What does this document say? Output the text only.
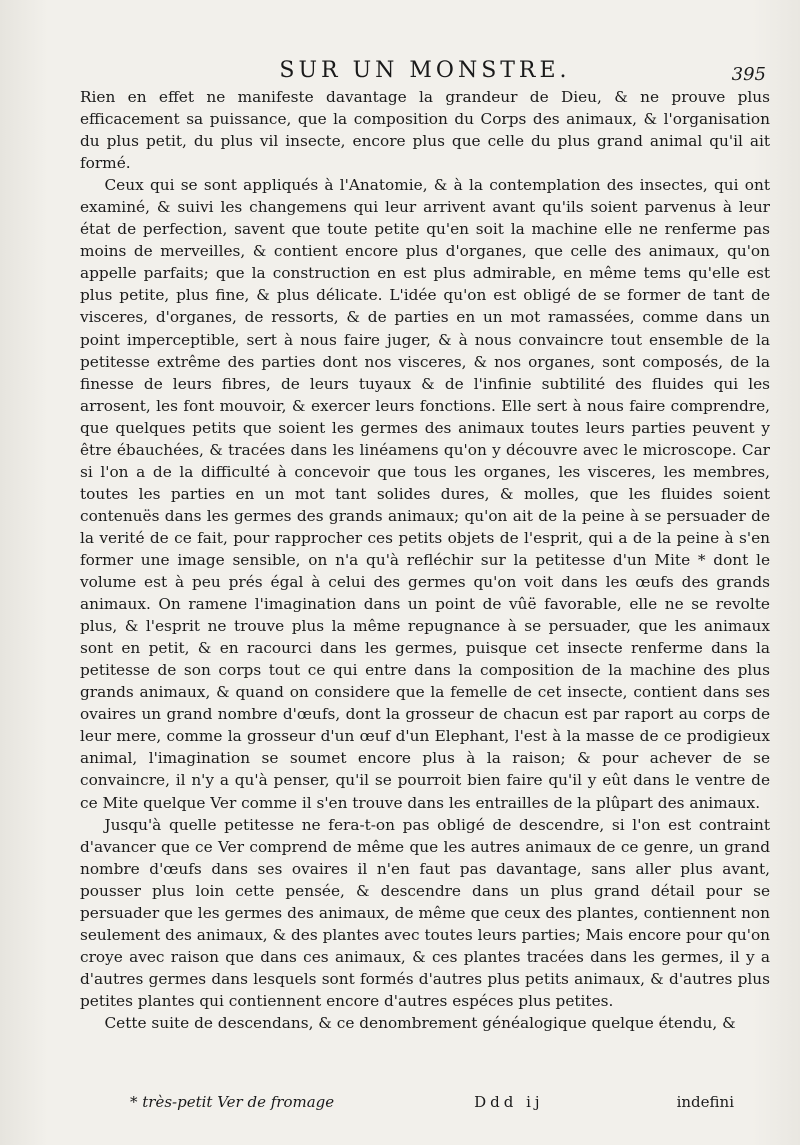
SUR UN MONSTRE.	395

Rien en effet ne manifeste davantage la grandeur de Dieu, & ne prouve plus efficacement sa puissance, que la composition du Corps des animaux, & l'organisation du plus petit, du plus vil insecte, encore plus que celle du plus grand animal qu'il ait formé.

Ceux qui se sont appliqués à l'Anatomie, & à la contemplation des insectes, qui ont examiné, & suivi les changemens qui leur arrivent avant qu'ils soient parvenus à leur état de perfection, savent que toute petite qu'en soit la machine elle ne renferme pas moins de merveilles, & contient encore plus d'organes, que celle des animaux, qu'on appelle parfaits; que la construction en est plus admirable, en même tems qu'elle est plus petite, plus fine, & plus délicate. L'idée qu'on est obligé de se former de tant de visceres, d'organes, de ressorts, & de parties en un mot ramassées, comme dans un point imperceptible, sert à nous faire juger, & à nous convaincre tout ensemble de la petitesse extrême des parties dont nos visceres, & nos organes, sont composés, de la finesse de leurs fibres, de leurs tuyaux & de l'infinie subtilité des fluides qui les arrosent, les font mouvoir, & exercer leurs fonctions. Elle sert à nous faire comprendre, que quelques petits que soient les germes des animaux toutes leurs parties peuvent y être ébauchées, & tracées dans les linéamens qu'on y découvre avec le microscope. Car si l'on a de la difficulté à concevoir que tous les organes, les visceres, les membres, toutes les parties en un mot tant solides dures, & molles, que les fluides soient contenuës dans les germes des grands animaux; qu'on ait de la peine à se persuader de la verité de ce fait, pour rapprocher ces petits objets de l'esprit, qui a de la peine à s'en former une image sensible, on n'a qu'à refléchir sur la petitesse d'un Mite * dont le volume est à peu prés égal à celui des germes qu'on voit dans les œufs des grands animaux. On ramene l'imagination dans un point de vûë favorable, elle ne se revolte plus, & l'esprit ne trouve plus la même repugnance à se persuader, que les animaux sont en petit, & en racourci dans les germes, puisque cet insecte renferme dans la petitesse de son corps tout ce qui entre dans la composition de la machine des plus grands animaux, & quand on considere que la femelle de cet insecte, contient dans ses ovaires un grand nombre d'œufs, dont la grosseur de chacun est par raport au corps de leur mere, comme la grosseur d'un œuf d'un Elephant, l'est à la masse de ce prodigieux animal, l'imagination se soumet encore plus à la raison; & pour achever de se convaincre, il n'y a qu'à penser, qu'il se pourroit bien faire qu'il y eût dans le ventre de ce Mite quelque Ver comme il s'en trouve dans les entrailles de la plûpart des animaux.

Jusqu'à quelle petitesse ne fera-t-on pas obligé de descendre, si l'on est contraint d'avancer que ce Ver comprend de même que les autres animaux de ce genre, un grand nombre d'œufs dans ses ovaires il n'en faut pas davantage, sans aller plus avant, pousser plus loin cette pensée, & descendre dans un plus grand détail pour se persuader que les germes des animaux, de même que ceux des plantes, contiennent non seulement des animaux, & des plantes avec toutes leurs parties; Mais encore pour qu'on croye avec raison que dans ces animaux, & ces plantes tracées dans les germes, il y a d'autres germes dans lesquels sont formés d'autres plus petits animaux, & d'autres plus petites plantes qui contiennent encore d'autres espéces plus petites.

Cette suite de descendans, & ce denombrement généalogique quelque étendu, &

* très-petit Ver de fromage	Ddd ij	indefini
